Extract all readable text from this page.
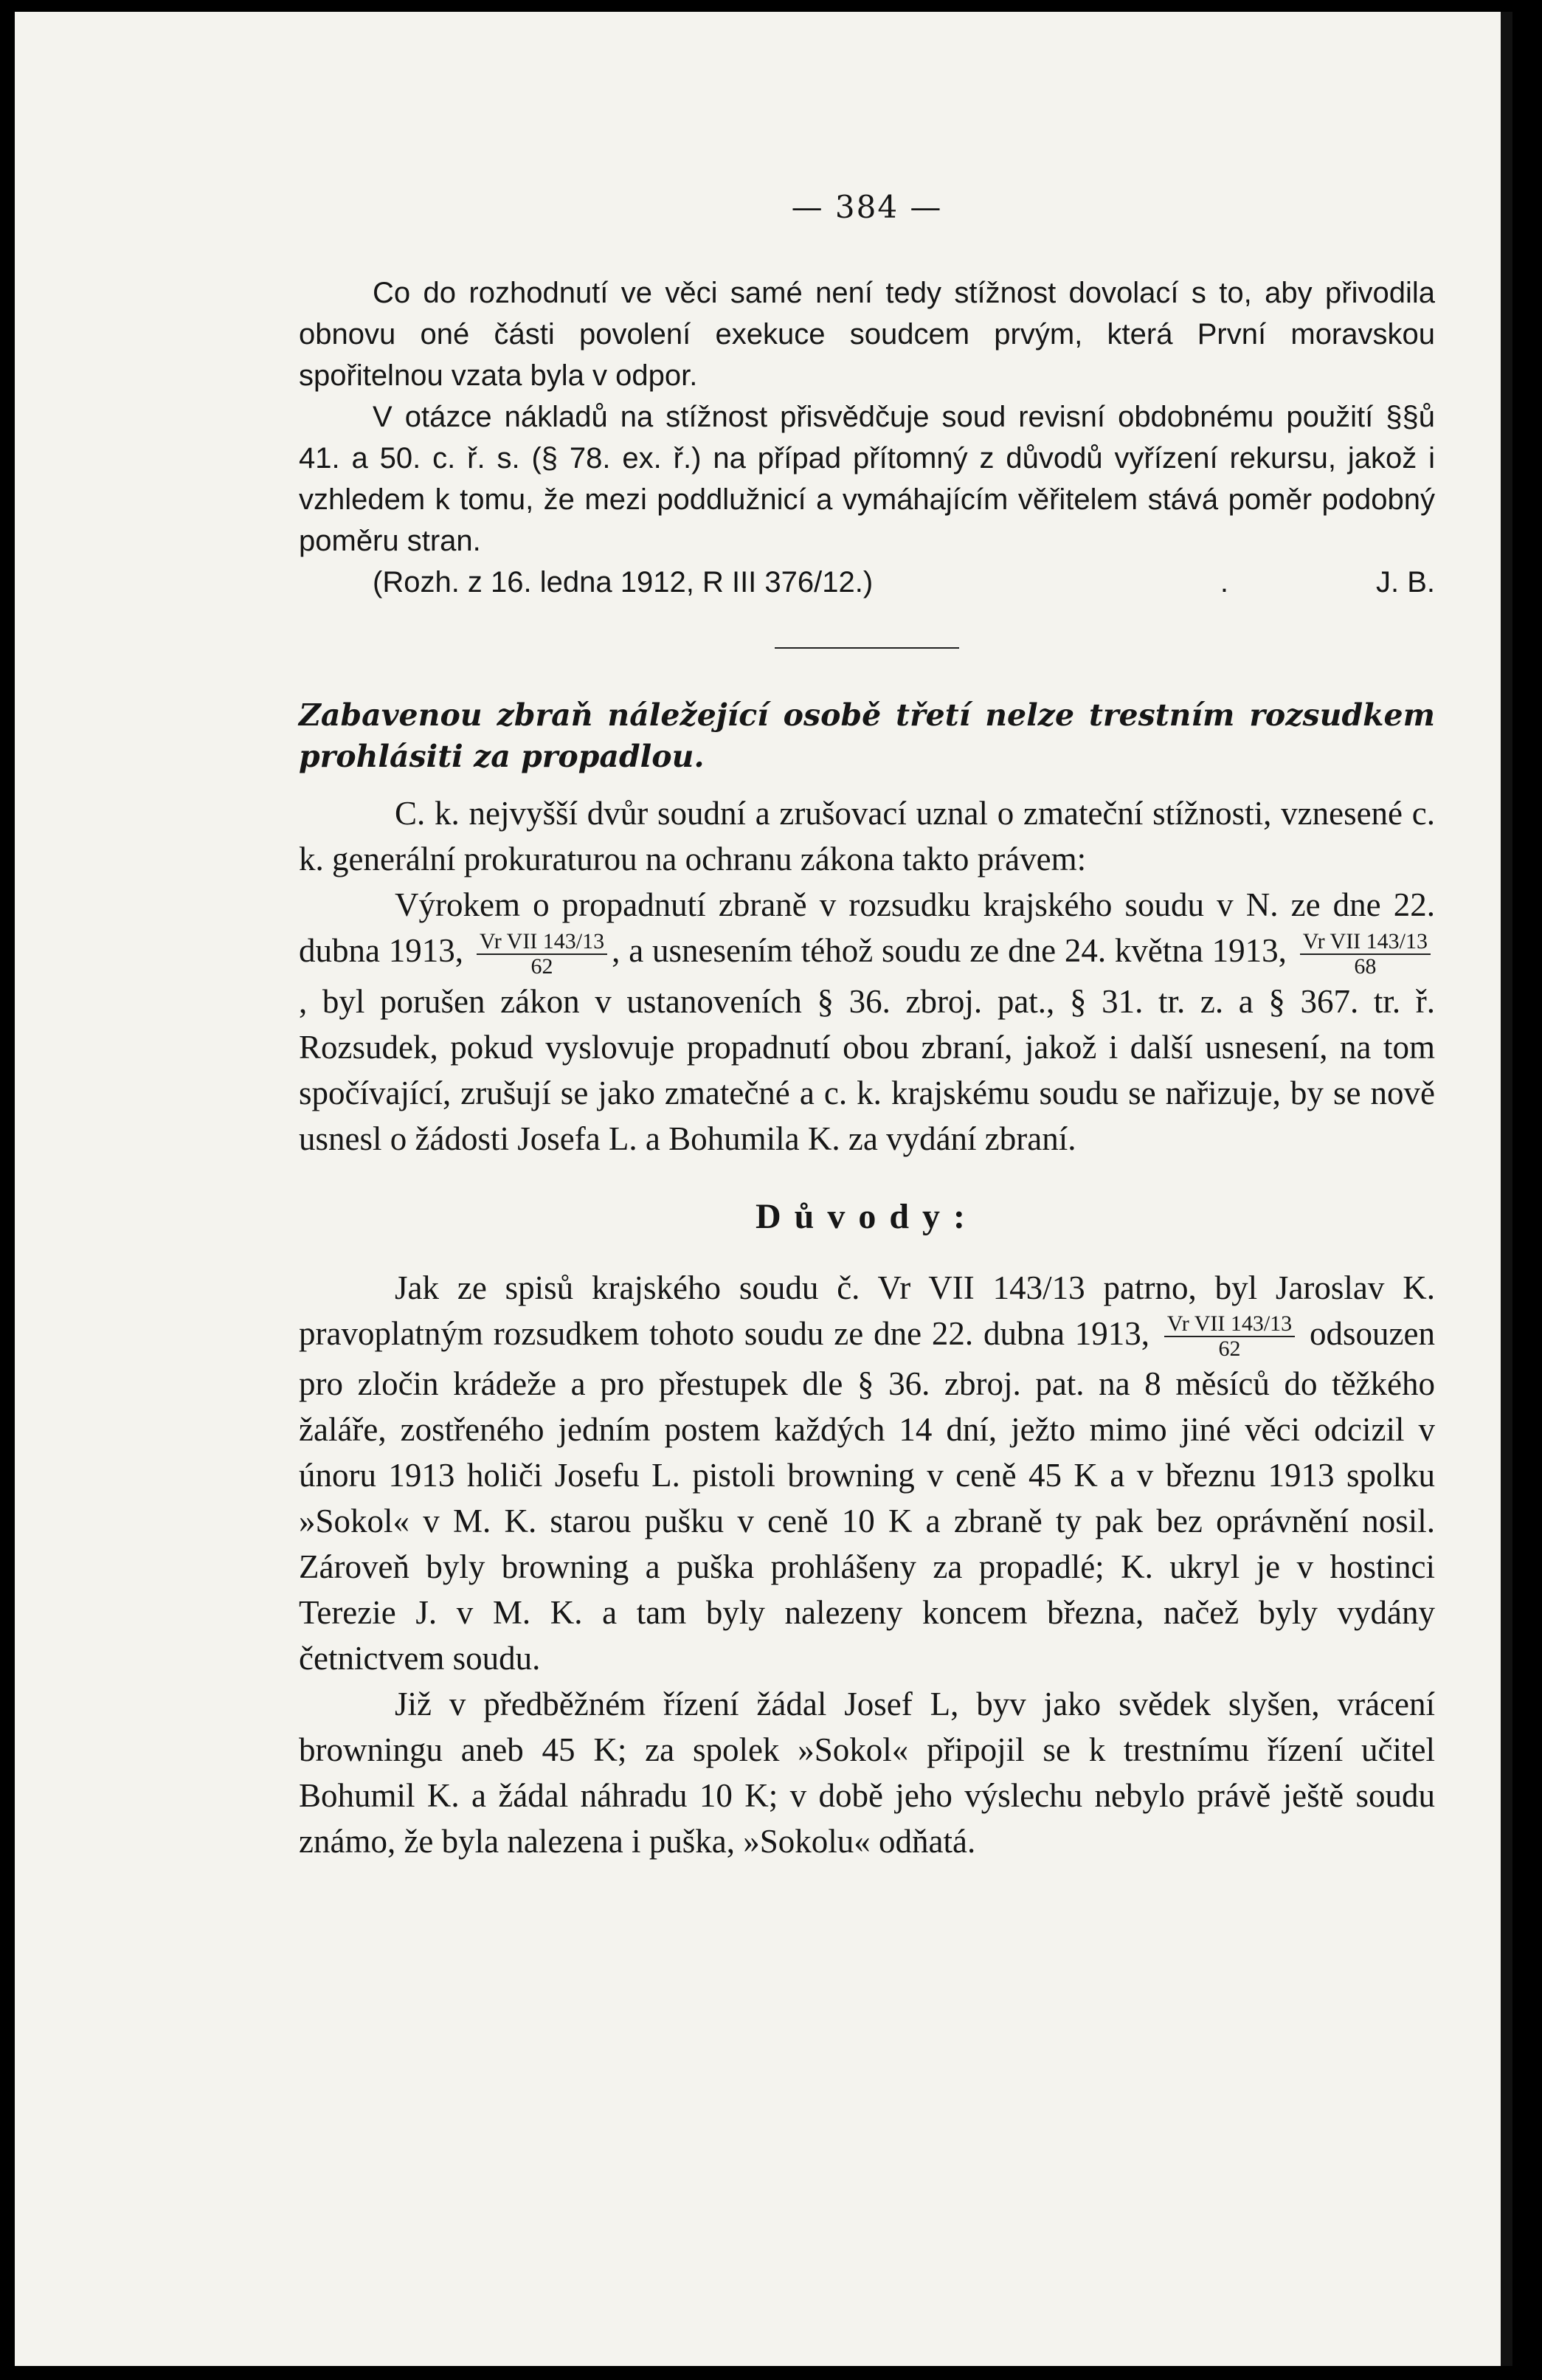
— 384 —

Co do rozhodnutí ve věci samé není tedy stížnost dovolací s to, aby přivodila obnovu oné části povolení exekuce soudcem prvým, která První moravskou spořitelnou vzata byla v odpor.

V otázce nákladů na stížnost přisvědčuje soud revisní obdobnému použití §§ů 41. a 50. c. ř. s. (§ 78. ex. ř.) na případ přítomný z důvodů vyřízení rekursu, jakož i vzhledem k tomu, že mezi poddlužnicí a vymáhajícím věřitelem stává poměr podobný poměru stran.

(Rozh. z 16. ledna 1912, R III 376/12.)	.	J. B.
Zabavenou zbraň náležející osobě třetí nelze trestním rozsudkem prohlásiti za propadlou.

C. k. nejvyšší dvůr soudní a zrušovací uznal o zmateční stížnosti, vznesené c. k. generální prokuraturou na ochranu zákona takto právem:

Výrokem o propadnutí zbraně v rozsudku krajského soudu v N. ze dne 22. dubna 1913, $\frac{\text{Vr VII 143/13}}{62}$ , a usnesením téhož soudu ze dne 24. května 1913, $\frac{\text{Vr VII 143/13}}{68}$
, byl porušen zákon v ustanoveních § 36. zbroj. pat., § 31. tr. z. a § 367. tr. ř. Rozsudek, pokud vyslovuje propadnutí obou zbraní, jakož i další usnesení, na tom spočívající, zrušují se jako zmatečné a c. k. krajskému soudu se nařizuje, by se nově usnesl o žádosti Josefa L. a Bohumila K. za vydání zbraní.

Důvody:

Jak ze spisů krajského soudu č. Vr VII 143/13 patrno, byl Jaroslav K. pravoplatným rozsudkem tohoto soudu ze dne 22. dubna 1913, $\frac{\text{Vr VII 143/13}}{62}$ odsouzen pro zločin krádeže a pro přestupek dle § 36. zbroj. pat. na 8 měsíců do těžkého žaláře, zostřeného jedním postem každých 14 dní, ježto mimo jiné věci odcizil v únoru 1913 holiči Josefu L. pistoli browning v ceně 45 K a v březnu 1913 spolku »Sokol« v M. K. starou pušku v ceně 10 K a zbraně ty pak bez oprávnění nosil. Zároveň byly browning a puška prohlášeny za propadlé; K. ukryl je v hostinci Terezie J. v M. K. a tam byly nalezeny koncem března, načež byly vydány četnictvem soudu.

Již v předběžném řízení žádal Josef L, byv jako svědek slyšen, vrácení browningu aneb 45 K; za spolek »Sokol« připojil se k trestnímu řízení učitel Bohumil K. a žádal náhradu 10 K; v době jeho výslechu nebylo právě ještě soudu známo, že byla nalezena i puška, »Sokolu« odňatá.
